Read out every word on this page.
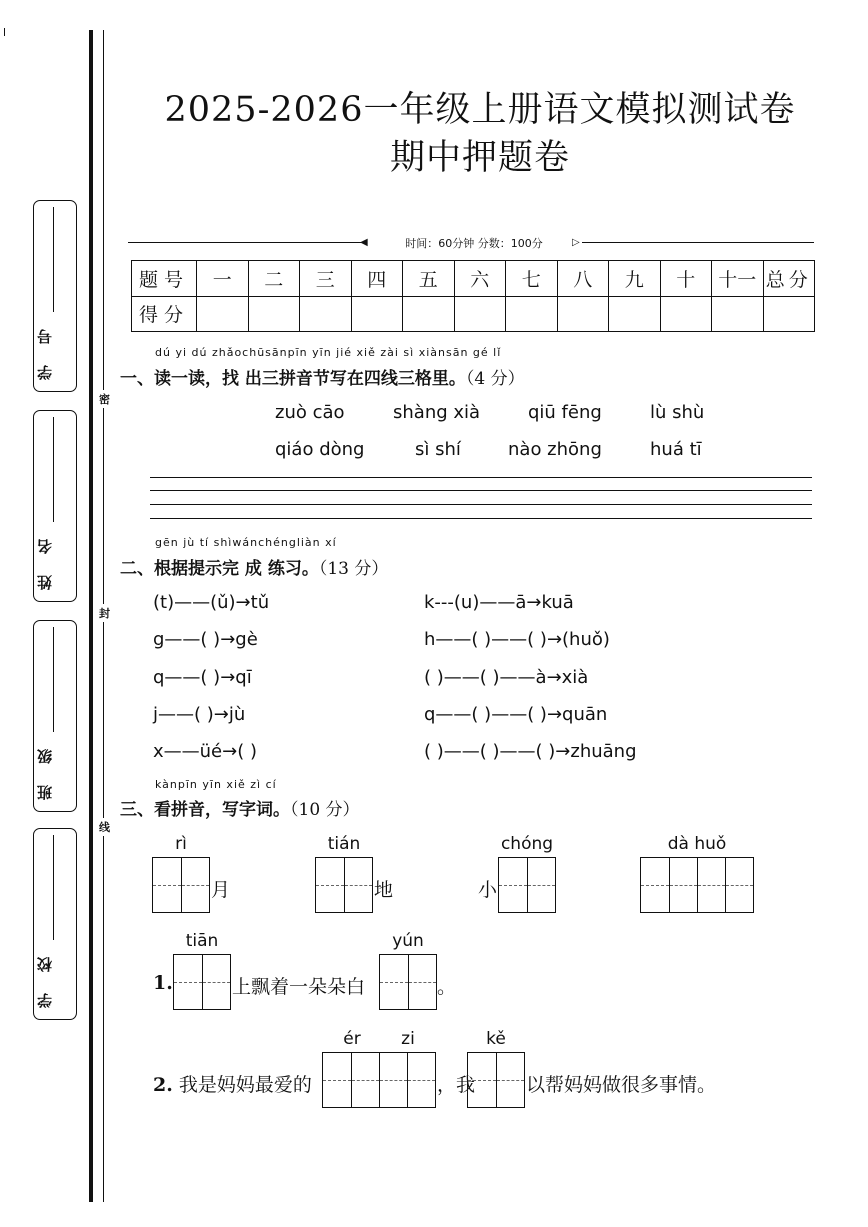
密
封
线
学 号
姓 名
班 级
学 校
2025-2026一年级上册语文模拟测试卷
期中押题卷
◀	时间：60分钟 分数：100分	▷
题号	一	二	三	四	五	六	七	八	九	十	十一	总分
得分												
dú yi dú zhǎochūsānpīn yīn jié xiě zài sì xiànsān gé lǐ
一、读一读，找 出三拼音节写在四线三格里。（4 分）
zuò cāo	shàng xià	qiū fēng	lù shù
qiáo dòng	sì shí	nào zhōng	huá tī
gēn jù tí shìwánchéngliàn xí
二、根据提示完 成 练习。（13 分）
(t)——(ǔ)→tǔ
g——( )→gè
q——( )→qī
j——( )→jù
x——üé→( )
k---(u)——ā→kuā
h——( )——( )→(huǒ)
( )——( )——à→xià
q——( )——( )→quān
( )——( )——( )→zhuāng
kànpīn yīn xiě zì cí
三、看拼音，写字词。（10 分）
rì
月
tián
地	小
chóng	dà huǒ
1.
tiān
上飘着一朵朵白
yún
。
2. 我是妈妈最爱的
ér	zi
，我
kě
以帮妈妈做很多事情。
